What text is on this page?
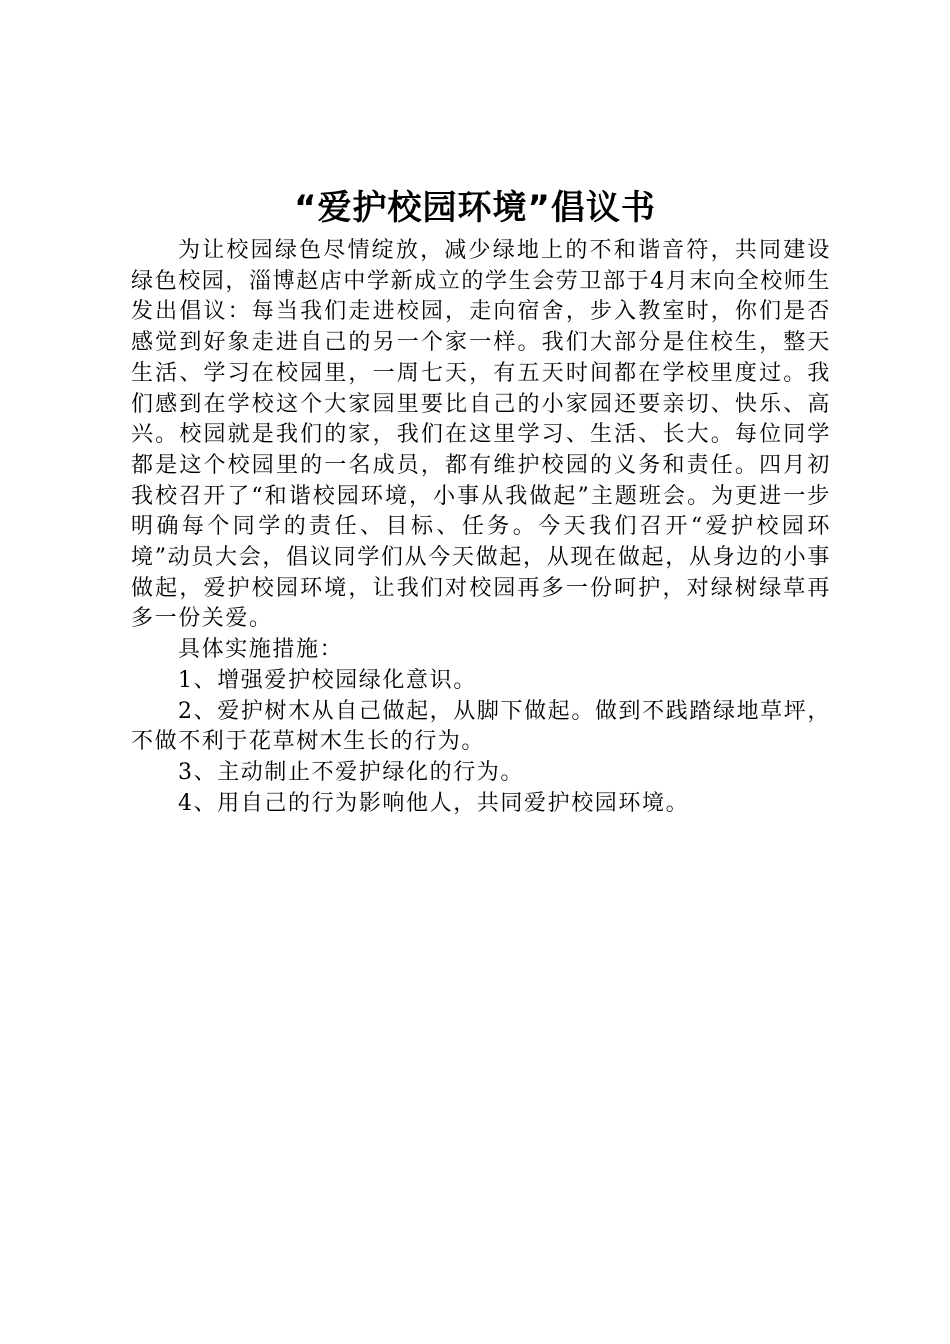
“爱护校园环境”倡议书

为让校园绿色尽情绽放，减少绿地上的不和谐音符，共同建设绿色校园，淄博赵店中学新成立的学生会劳卫部于4月末向全校师生发出倡议：每当我们走进校园，走向宿舍，步入教室时，你们是否感觉到好象走进自己的另一个家一样。我们大部分是住校生，整天生活、学习在校园里，一周七天，有五天时间都在学校里度过。我们感到在学校这个大家园里要比自己的小家园还要亲切、快乐、高兴。校园就是我们的家，我们在这里学习、生活、长大。每位同学都是这个校园里的一名成员，都有维护校园的义务和责任。四月初我校召开了“和谐校园环境，小事从我做起”主题班会。为更进一步明确每个同学的责任、目标、任务。今天我们召开“爱护校园环境”动员大会，倡议同学们从今天做起，从现在做起，从身边的小事做起，爱护校园环境，让我们对校园再多一份呵护，对绿树绿草再多一份关爱。

具体实施措施：

1、增强爱护校园绿化意识。

2、爱护树木从自己做起，从脚下做起。做到不践踏绿地草坪，不做不利于花草树木生长的行为。

3、主动制止不爱护绿化的行为。

4、用自己的行为影响他人，共同爱护校园环境。
